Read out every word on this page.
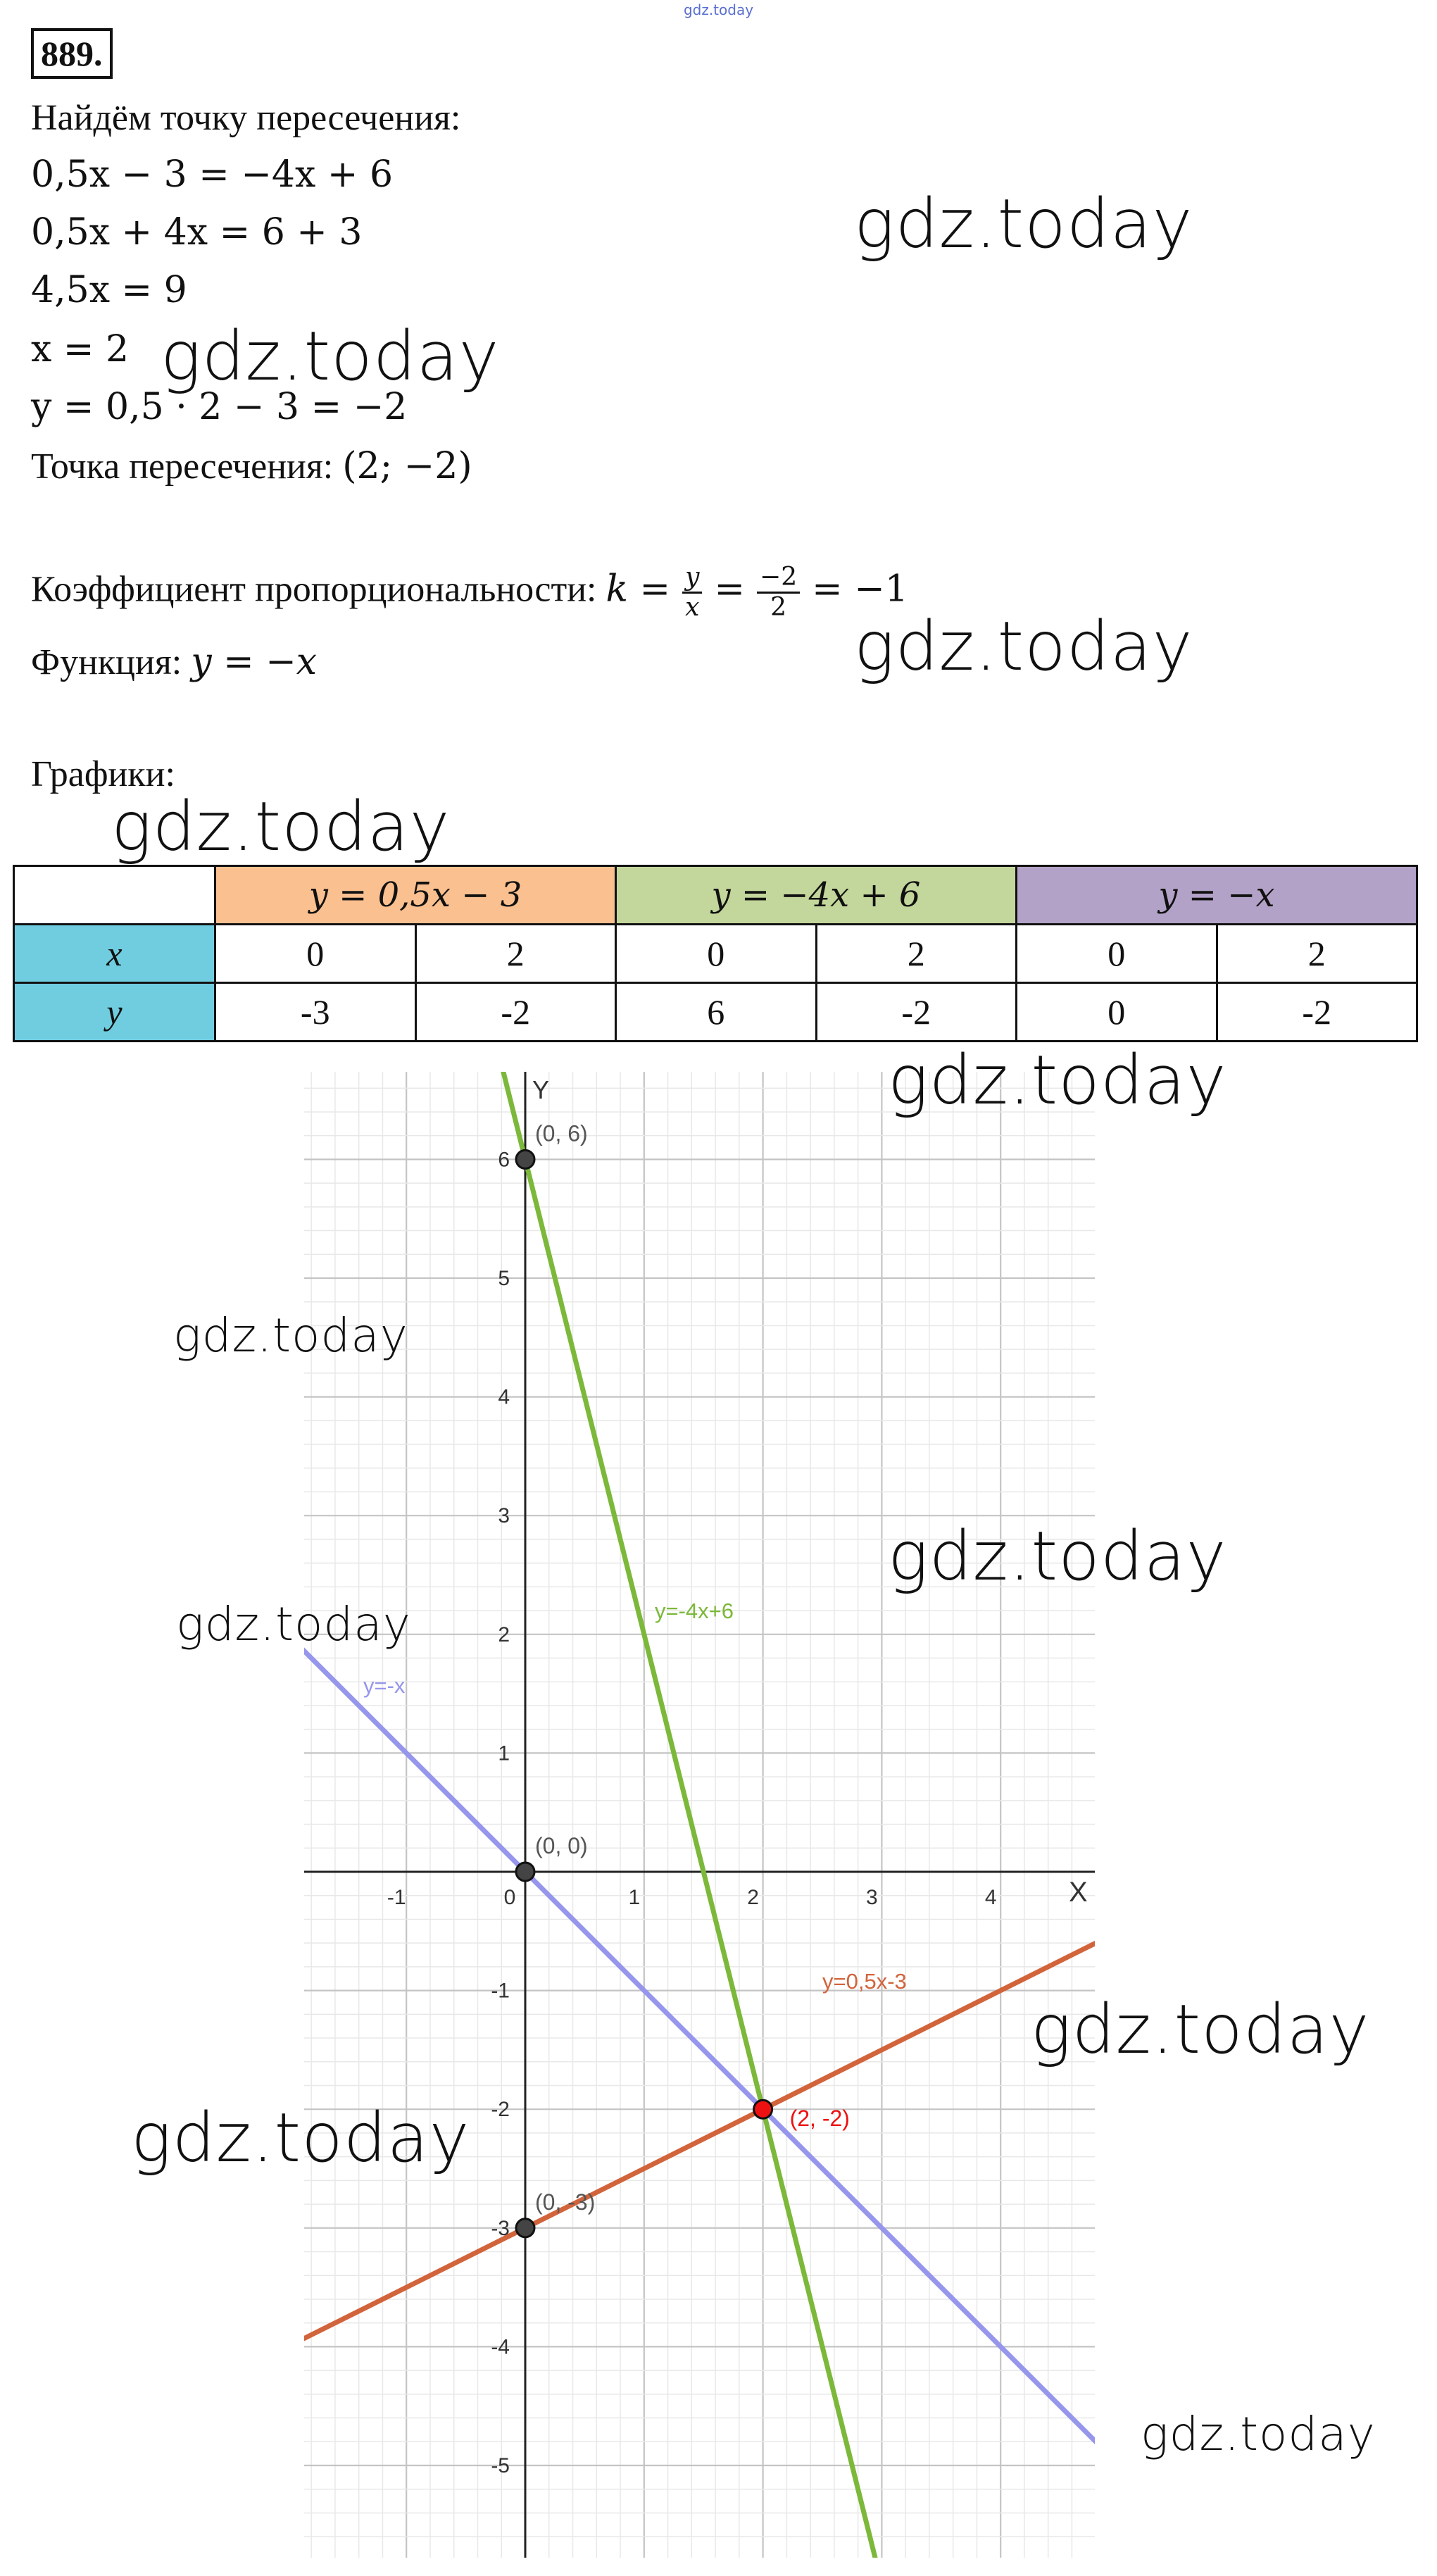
gdz.today
889.
Найдём точку пересечения:
0,5x − 3 = −4x + 6
0,5x + 4x = 6 + 3
4,5x = 9
x = 2
y = 0,5 · 2 − 3 = −2
Точка пересечения: (2; −2)
Коэффициент пропорциональности: $k = \frac{y}{x} = \frac{-2}{2} = -1$
Функция: y = −x
Графики:
	y = 0,5x − 3		y = −4x + 6		y = −x	
x	0	2	0	2	0	2
y	-3	-2	6	-2	0	-2
-1	0	1	2	3	4
-5
-4
-3
-2
-1
1
2
3
4
5
6
X
Y
y=-4x+6
y=-x
y=0,5x-3
(0, 6)
(0, 0)
(0, -3)
(2, -2)
gdz.today
gdz.today
gdz.today
gdz.today
gdz.today
gdz.today
gdz.today
gdz.today
gdz.today
gdz.today
gdz.today
